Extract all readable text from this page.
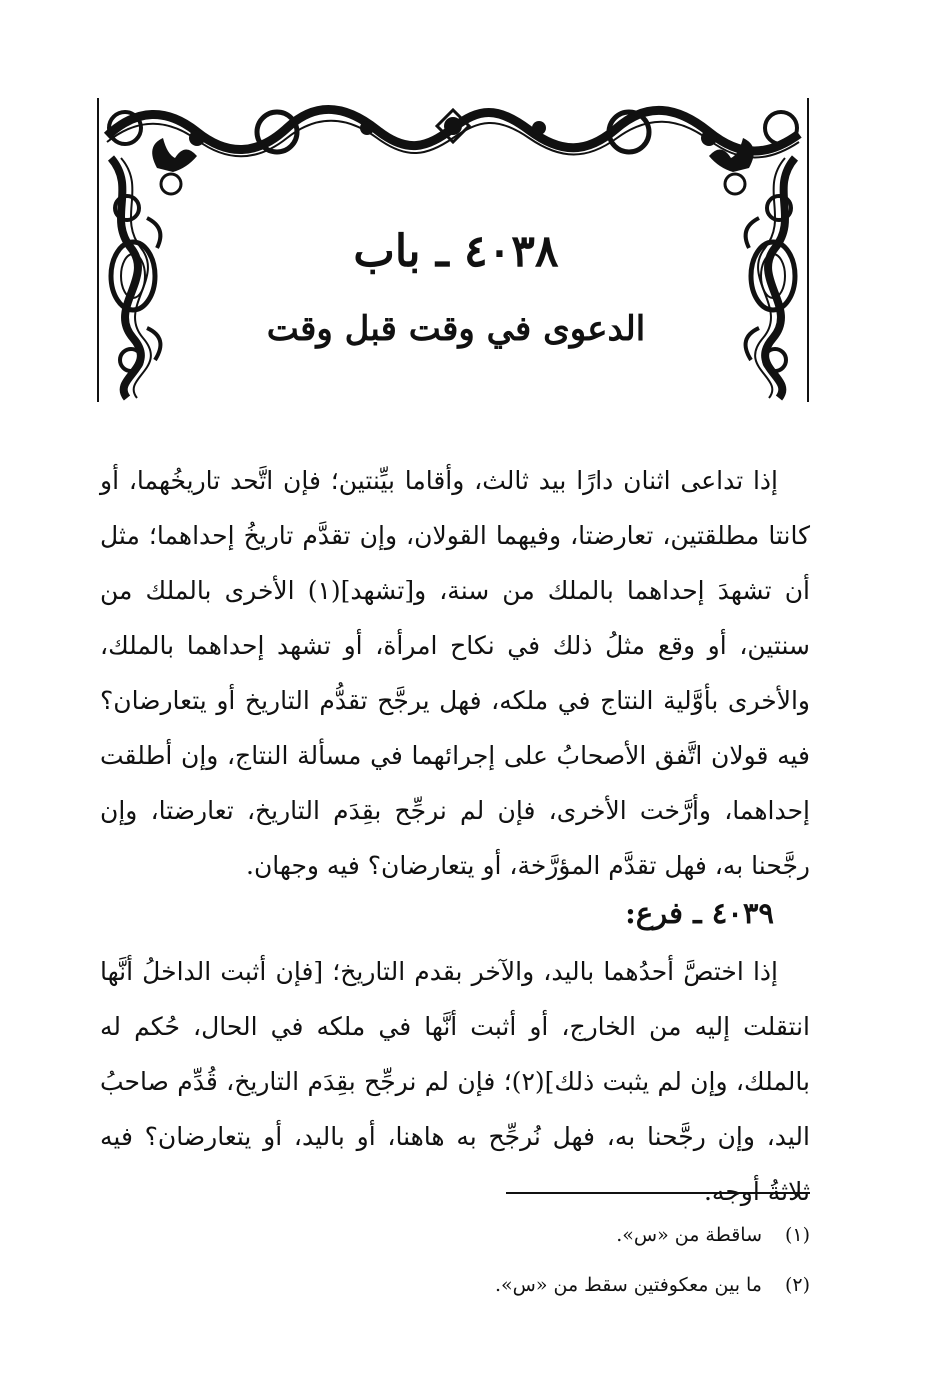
٤٠٣٨ ـ باب
الدعوى في وقت قبل وقت

إذا تداعى اثنان دارًا بيد ثالث، وأقاما بيِّنتين؛ فإن اتَّحد تاريخُهما، أو كانتا مطلقتين، تعارضتا، وفيهما القولان، وإن تقدَّم تاريخُ إحداهما؛ مثل أن تشهدَ إحداهما بالملك من سنة، و[تشهد](١) الأخرى بالملك من سنتين، أو وقع مثلُ ذلك في نكاح امرأة، أو تشهد إحداهما بالملك، والأخرى بأوَّلية النتاج في ملكه، فهل يرجَّح تقدُّم التاريخ أو يتعارضان؟ فيه قولان اتَّفق الأصحابُ على إجرائهما في مسألة النتاج، وإن أطلقت إحداهما، وأرَّخت الأخرى، فإن لم نرجِّح بقِدَم التاريخ، تعارضتا، وإن رجَّحنا به، فهل تقدَّم المؤرَّخة، أو يتعارضان؟ فيه وجهان.

٤٠٣٩ ـ فرع:

إذا اختصَّ أحدُهما باليد، والآخر بقدم التاريخ؛ [فإن أثبت الداخلُ أنَّها انتقلت إليه من الخارج، أو أثبت أنَّها في ملكه في الحال، حُكم له بالملك، وإن لم يثبت ذلك](٢)؛ فإن لم نرجِّح بقِدَم التاريخ، قُدِّم صاحبُ اليد، وإن رجَّحنا به، فهل نُرجِّح به هاهنا، أو باليد، أو يتعارضان؟ فيه ثلاثةُ أوجه.

(١)ساقطة من «س».
(٢)ما بين معكوفتين سقط من «س».
